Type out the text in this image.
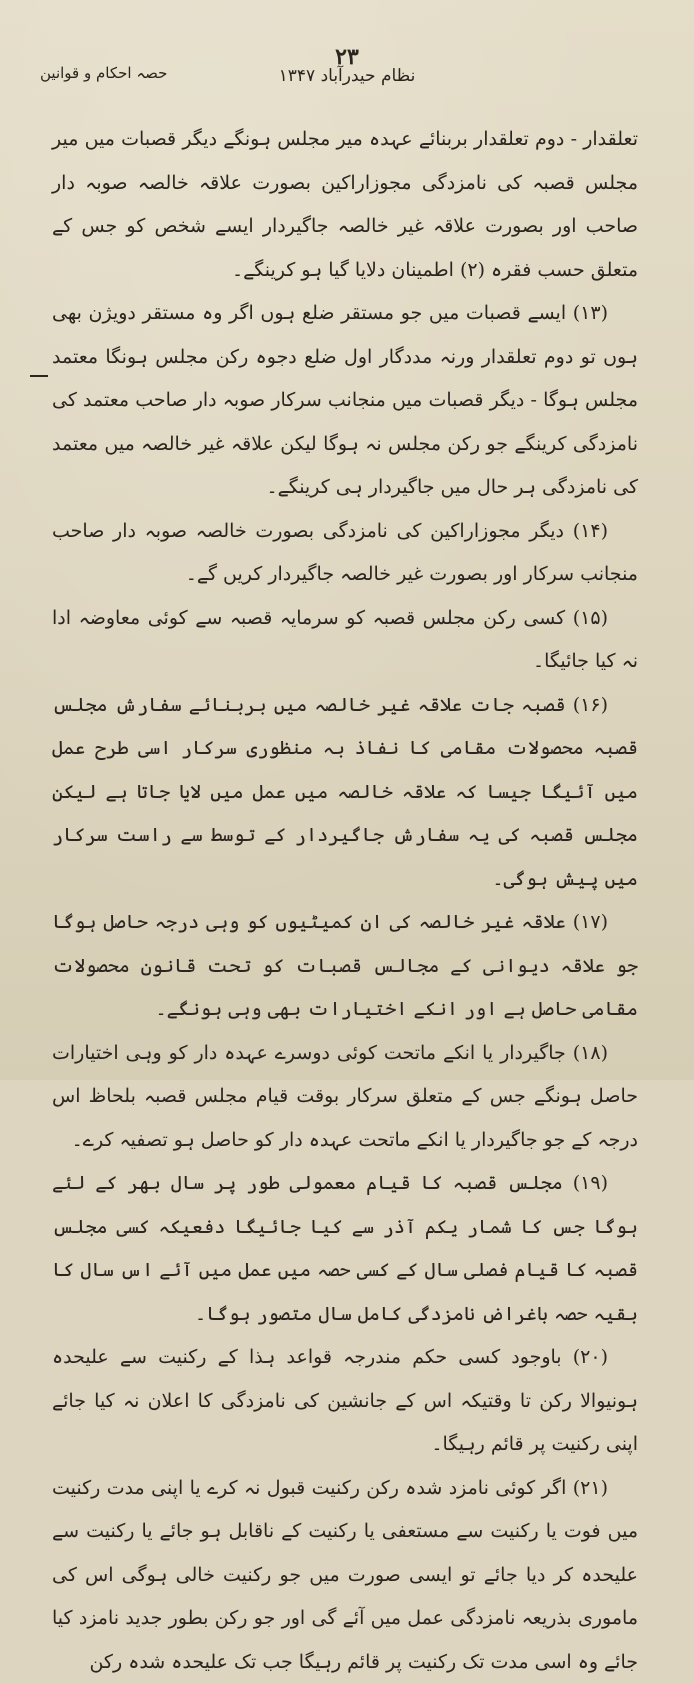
۲۳
۱۳۴۷ نظام حیدرآباد
حصہ احکام و قوانین

تعلقدار - دوم تعلقدار بربنائے عہدہ میر مجلس ہونگے دیگر قصبات میں میر مجلس قصبہ کی نامزدگی مجوزاراکین بصورت علاقہ خالصہ صوبہ دار صاحب اور بصورت علاقہ غیر خالصہ جاگیردار ایسے شخص کو جس کے متعلق حسب فقرہ (۲) اطمینان دلایا گیا ہو کرینگے۔

(۱۳) ایسے قصبات میں جو مستقر ضلع ہوں اگر وہ مستقر دویژن بھی ہوں تو دوم تعلقدار ورنہ مددگار اول ضلع دجوہ رکن مجلس ہونگا معتمد مجلس ہوگا - دیگر قصبات میں منجانب سرکار صوبہ دار صاحب معتمد کی نامزدگی کرینگے جو رکن مجلس نہ ہوگا لیکن علاقہ غیر خالصہ میں معتمد کی نامزدگی ہر حال میں جاگیردار ہی کرینگے۔

(۱۴) دیگر مجوزاراکین کی نامزدگی بصورت خالصہ صوبہ دار صاحب منجانب سرکار اور بصورت غیر خالصہ جاگیردار کریں گے۔

(۱۵) کسی رکن مجلس قصبہ کو سرمایہ قصبہ سے کوئی معاوضہ ادا نہ کیا جائیگا۔

(۱۶) قصبہ جات علاقہ غیر خالصہ میں بربنائے سفارش مجلس قصبہ محصولات مقامی کا نفاذ بہ منظوری سرکار اسی طرح عمل میں آئیگا جیسا کہ علاقہ خالصہ میں عمل میں لایا جاتا ہے لیکن مجلس قصبہ کی یہ سفارش جاگیردار کے توسط سے راست سرکار میں پیش ہوگی۔

(۱۷) علاقہ غیر خالصہ کی ان کمیٹیوں کو وہی درجہ حاصل ہوگا جو علاقہ دیوانی کے مجالس قصبات کو تحت قانون محصولات مقامی حاصل ہے اور انکے اختیارات بھی وہی ہونگے۔

(۱۸) جاگیردار یا انکے ماتحت کوئی دوسرے عہدہ دار کو وہی اختیارات حاصل ہونگے جس کے متعلق سرکار بوقت قیام مجلس قصبہ بلحاظ اس درجہ کے جو جاگیردار یا انکے ماتحت عہدہ دار کو حاصل ہو تصفیہ کرے۔

(۱۹) مجلس قصبہ کا قیام معمولی طور پر سال بھر کے لئے ہوگا جس کا شمار یکم آذر سے کیا جائیگا دفعیکہ کسی مجلس قصبہ کا قیام فصلی سال کے کسی حصہ میں عمل میں آئے اس سال کا بقیہ حصہ باغراض نامزدگی کامل سال متصور ہوگا۔

(۲۰) باوجود کسی حکم مندرجہ قواعد ہذا کے رکنیت سے علیحدہ ہونیوالا رکن تا وقتیکہ اس کے جانشین کی نامزدگی کا اعلان نہ کیا جائے اپنی رکنیت پر قائم رہیگا۔

(۲۱) اگر کوئی نامزد شدہ رکن رکنیت قبول نہ کرے یا اپنی مدت رکنیت میں فوت یا رکنیت سے مستعفی یا رکنیت کے ناقابل ہو جائے یا رکنیت سے علیحدہ کر دیا جائے تو ایسی صورت میں جو رکنیت خالی ہوگی اس کی ماموری بذریعہ نامزدگی عمل میں آئے گی اور جو رکن بطور جدید نامزد کیا جائے وہ اسی مدت تک رکنیت پر قائم رہیگا جب تک علیحدہ شدہ رکن
